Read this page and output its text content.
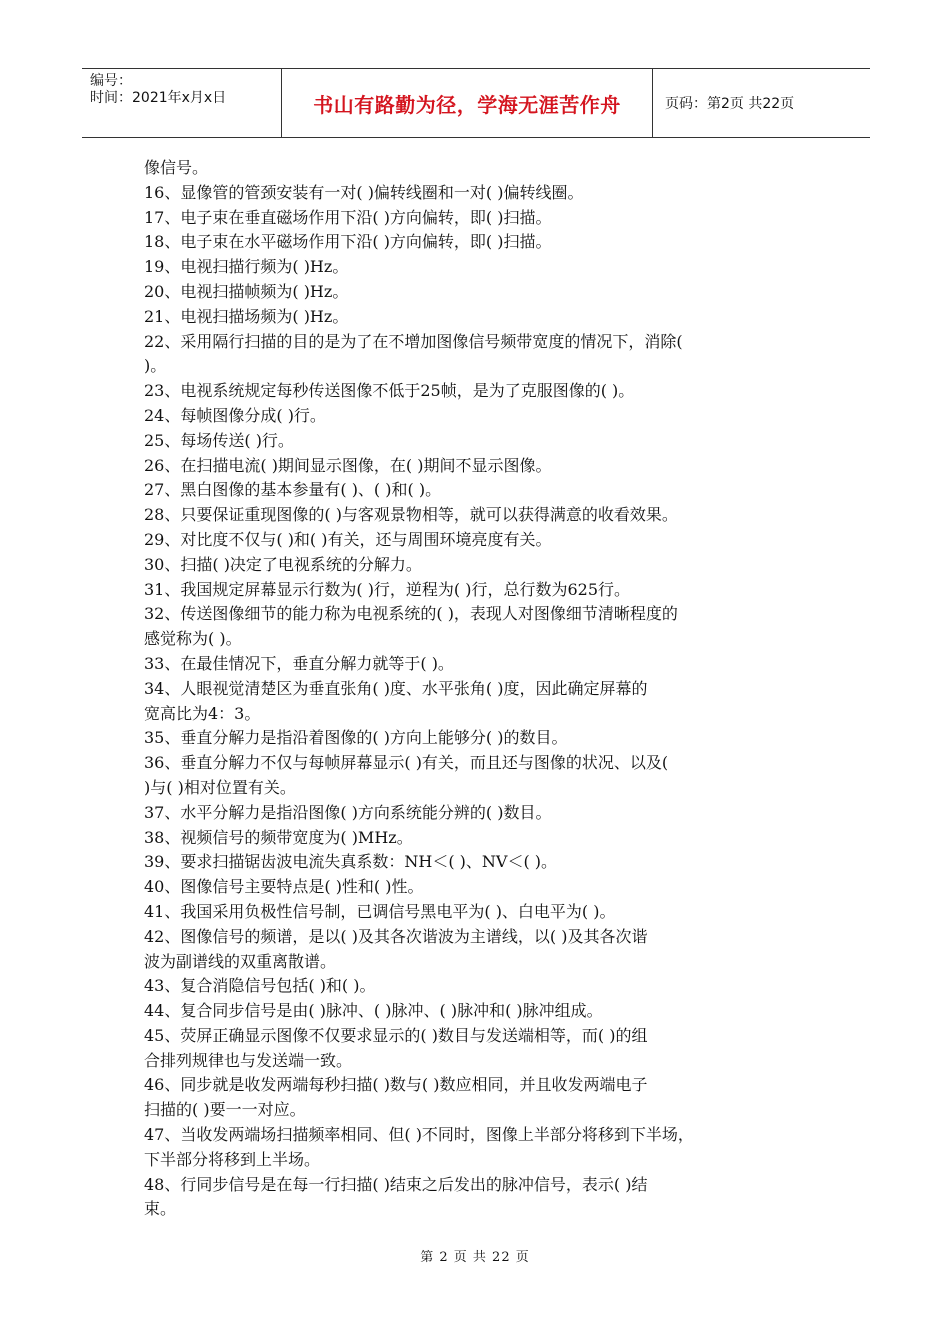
编号：
时间：2021年x月x日	书山有路勤为径，学海无涯苦作舟	页码：第2页 共22页

像信号。

16、显像管的管颈安装有一对( )偏转线圈和一对( )偏转线圈。

17、电子束在垂直磁场作用下沿( )方向偏转，即( )扫描。

18、电子束在水平磁场作用下沿( )方向偏转，即( )扫描。

19、电视扫描行频为( )Hz。

20、电视扫描帧频为( )Hz。

21、电视扫描场频为( )Hz。

22、采用隔行扫描的目的是为了在不增加图像信号频带宽度的情况下，消除(

)。

23、电视系统规定每秒传送图像不低于25帧，是为了克服图像的( )。

24、每帧图像分成( )行。

25、每场传送( )行。

26、在扫描电流( )期间显示图像，在( )期间不显示图像。

27、黑白图像的基本参量有( )、( )和( )。

28、只要保证重现图像的( )与客观景物相等，就可以获得满意的收看效果。

29、对比度不仅与( )和( )有关，还与周围环境亮度有关。

30、扫描( )决定了电视系统的分解力。

31、我国规定屏幕显示行数为( )行，逆程为( )行，总行数为625行。

32、传送图像细节的能力称为电视系统的( )，表现人对图像细节清晰程度的

感觉称为( )。

33、在最佳情况下，垂直分解力就等于( )。

34、人眼视觉清楚区为垂直张角( )度、水平张角( )度，因此确定屏幕的

宽高比为4：3。

35、垂直分解力是指沿着图像的( )方向上能够分( )的数目。

36、垂直分解力不仅与每帧屏幕显示( )有关，而且还与图像的状况、以及(

)与( )相对位置有关。

37、水平分解力是指沿图像( )方向系统能分辨的( )数目。

38、视频信号的频带宽度为( )MHz。

39、要求扫描锯齿波电流失真系数：NH＜( )、NV＜( )。

40、图像信号主要特点是( )性和( )性。

41、我国采用负极性信号制，已调信号黑电平为( )、白电平为( )。

42、图像信号的频谱，是以( )及其各次谐波为主谱线，以( )及其各次谐

波为副谱线的双重离散谱。

43、复合消隐信号包括( )和( )。

44、复合同步信号是由( )脉冲、( )脉冲、( )脉冲和( )脉冲组成。

45、荧屏正确显示图像不仅要求显示的( )数目与发送端相等，而( )的组

合排列规律也与发送端一致。

46、同步就是收发两端每秒扫描( )数与( )数应相同，并且收发两端电子

扫描的( )要一一对应。

47、当收发两端场扫描频率相同、但( )不同时，图像上半部分将移到下半场，

下半部分将移到上半场。

48、行同步信号是在每一行扫描( )结束之后发出的脉冲信号，表示( )结

束。

第 2 页 共 22 页
